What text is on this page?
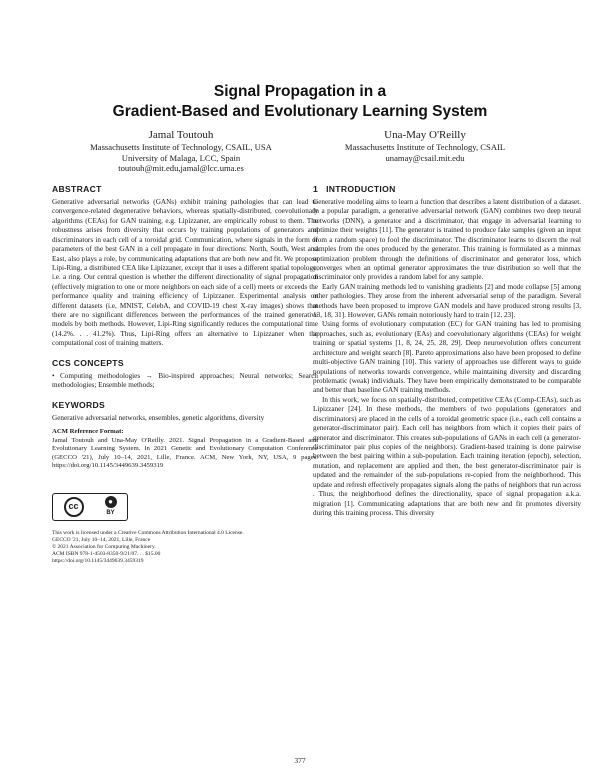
Signal Propagation in a
Gradient-Based and Evolutionary Learning System
Jamal Toutouh
Massachusetts Institute of Technology, CSAIL, USA
University of Malaga, LCC, Spain
toutouh@mit.edu,jamal@lcc.uma.es
Una-May O'Reilly
Massachusetts Institute of Technology, CSAIL
unamay@csail.mit.edu
ABSTRACT

Generative adversarial networks (GANs) exhibit training pathologies that can lead to convergence-related degenerative behaviors, whereas spatially-distributed, coevolutionary algorithms (CEAs) for GAN training, e.g. Lipizzaner, are empirically robust to them. The robustness arises from diversity that occurs by training populations of generators and discriminators in each cell of a toroidal grid. Communication, where signals in the form of parameters of the best GAN in a cell propagate in four directions: North, South, West and East, also plays a role, by communicating adaptations that are both new and fit. We propose Lipi-Ring, a distributed CEA like Lipizzaner, except that it uses a different spatial topology, i.e. a ring. Our central question is whether the different directionality of signal propagation (effectively migration to one or more neighbors on each side of a cell) meets or exceeds the performance quality and training efficiency of Lipizzaner. Experimental analysis on different datasets (i.e, MNIST, CelebA, and COVID-19 chest X-ray images) shows that there are no significant differences between the performances of the trained generative models by both methods. However, Lipi-Ring significantly reduces the computational time (14.2%. . . 41.2%). Thus, Lipi-Ring offers an alternative to Lipizzaner when the computational cost of training matters.

CCS CONCEPTS

• Computing methodologies → Bio-inspired approaches; Neural networks; Search methodologies; Ensemble methods;

KEYWORDS

Generative adversarial networks, ensembles, genetic algorithms, diversity

ACM Reference Format:

Jamal Toutouh and Una-May O'Reilly. 2021. Signal Propagation in a Gradient-Based and Evolutionary Learning System. In 2021 Genetic and Evolutionary Computation Conference (GECCO '21), July 10–14, 2021, Lille, France. ACM, New York, NY, USA, 9 pages. https://doi.org/10.1145/3449639.3459319

cc	●
BY

This work is licensed under a Creative Commons Attribution International 4.0 License.

GECCO '21, July 10–14, 2021, Lille, France

© 2021 Association for Computing Machinery.

ACM ISBN 978-1-4503-8350-9/21/07. . . $15.00

https://doi.org/10.1145/3449639.3459319

1 INTRODUCTION

Generative modeling aims to learn a function that describes a latent distribution of a dataset. In a popular paradigm, a generative adversarial network (GAN) combines two deep neural networks (DNN), a generator and a discriminator, that engage in adversarial learning to optimize their weights [11]. The generator is trained to produce fake samples (given an input from a random space) to fool the discriminator. The discriminator learns to discern the real samples from the ones produced by the generator. This training is formulated as a minmax optimization problem through the definitions of discriminator and generator loss, which converges when an optimal generator approximates the true distribution so well that the discriminator only provides a random label for any sample.

Early GAN training methods led to vanishing gradients [2] and mode collapse [5] among other pathologies. They arose from the inherent adversarial setup of the paradigm. Several methods have been proposed to improve GAN models and have produced strong results [3, 13, 18, 31]. However, GANs remain notoriously hard to train [12, 23].

Using forms of evolutionary computation (EC) for GAN training has led to promising approaches, such as, evolutionary (EAs) and coevolutionary algorithms (CEAs) for weight training or spatial systems [1, 8, 24, 25, 28, 29]. Deep neuroevolution offers concurrent architecture and weight search [8]. Pareto approximations also have been proposed to define multi-objective GAN training [10]. This variety of approaches use different ways to guide populations of networks towards convergence, while maintaining diversity and discarding problematic (weak) individuals. They have been empirically demonstrated to be comparable and better than baseline GAN training methods.

In this work, we focus on spatially-distributed, competitive CEAs (Comp-CEAs), such as Lipizzaner [24]. In these methods, the members of two populations (generators and discriminators) are placed in the cells of a toroidal geometric space (i.e., each cell contains a generator-discriminator pair). Each cell has neighbors from which it copies their pairs of generator and discriminator. This creates sub-populations of GANs in each cell (a generator-discriminator pair plus copies of the neighbors). Gradient-based training is done pairwise between the best pairing within a sub-population. Each training iteration (epoch), selection, mutation, and replacement are applied and then, the best generator-discriminator pair is updated and the remainder of the sub-populations re-copied from the neighborhood. This update and refresh effectively propagates signals along the paths of neighbors that run across . Thus, the neighborhood defines the directionality, space of signal propagation a.k.a. migration [1]. Communicating adaptations that are both new and fit promotes diversity during this training process. This diversity

377
